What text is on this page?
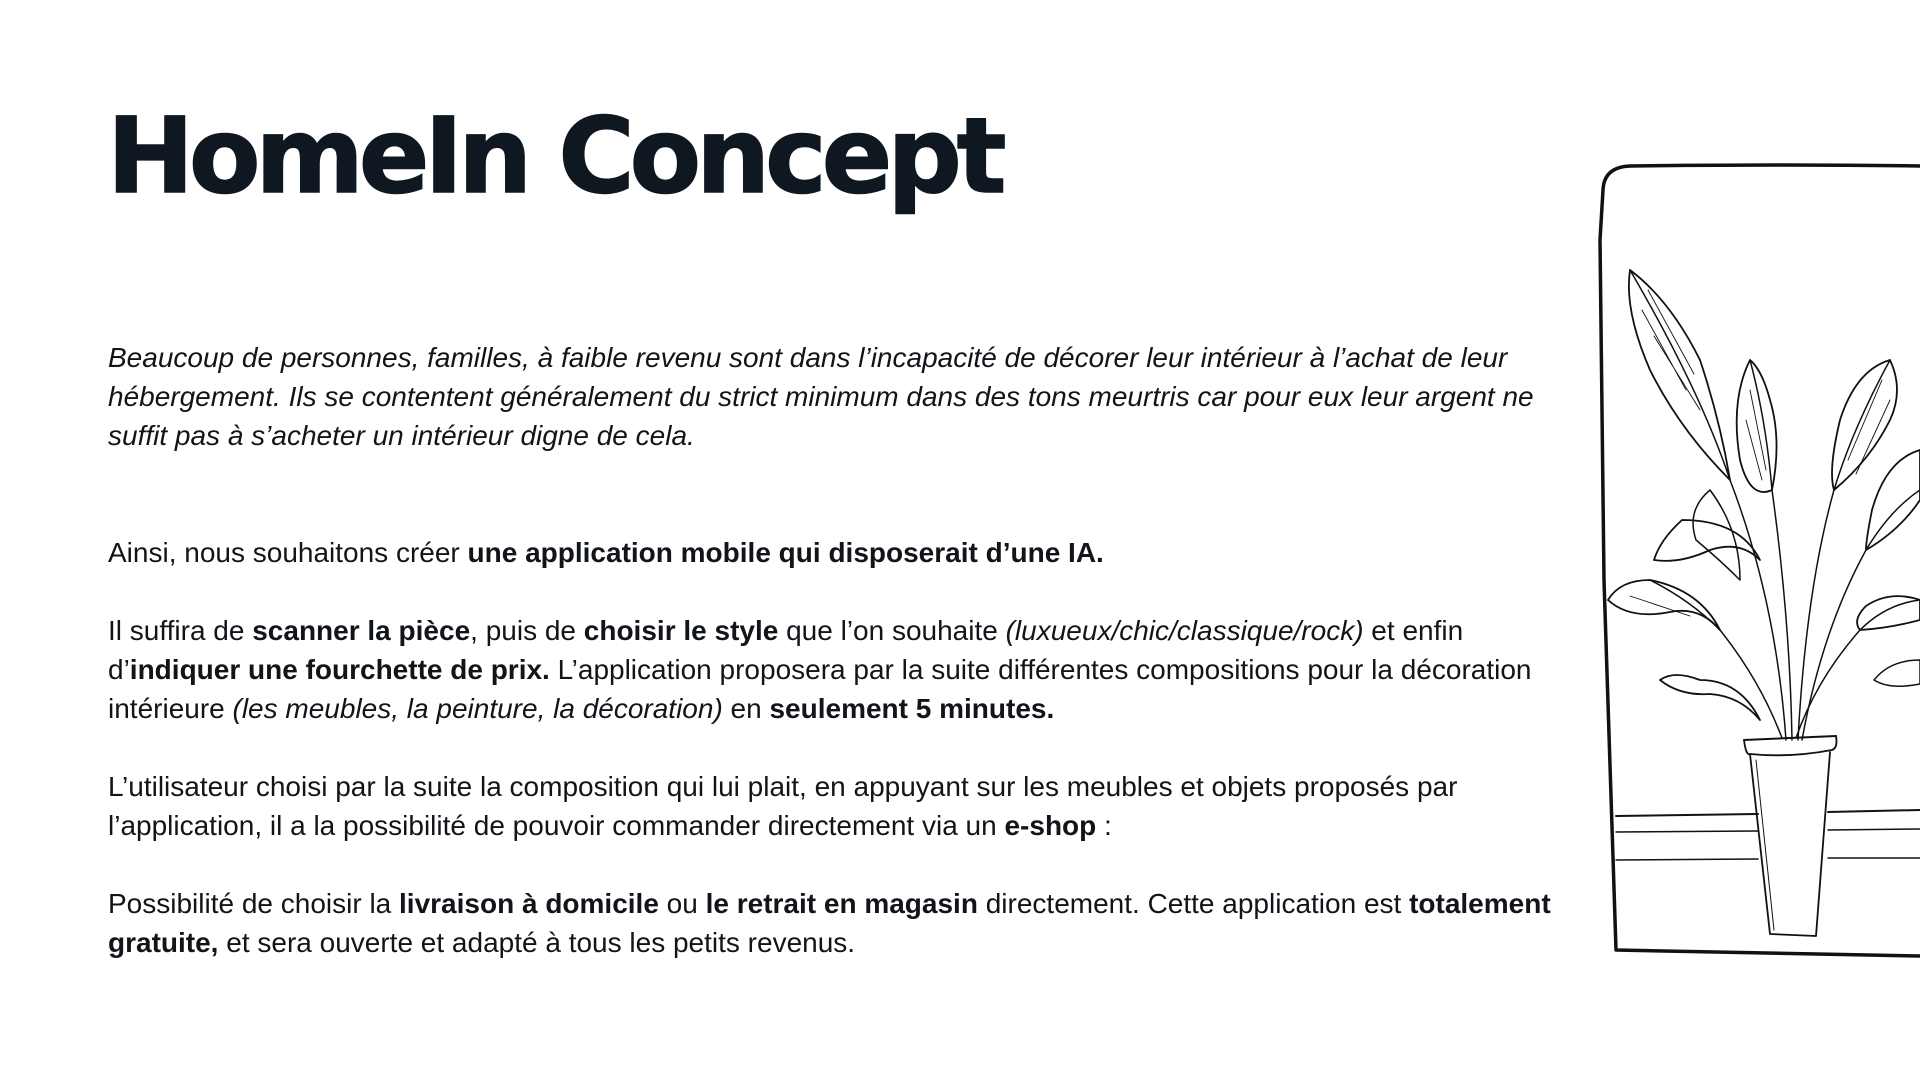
HomeIn Concept

Beaucoup de personnes, familles, à faible revenu sont dans l’incapacité de décorer leur intérieur à l’achat de leur hébergement. Ils se contentent généralement du strict minimum dans des tons meurtris car pour eux leur argent ne suffit pas à s’acheter un intérieur digne de cela.

Ainsi, nous souhaitons créer une application mobile qui disposerait d’une IA.

Il suffira de scanner la pièce, puis de choisir le style que l’on souhaite (luxueux/chic/classique/rock) et enfin d’indiquer une fourchette de prix. L’application proposera par la suite différentes compositions pour la décoration intérieure (les meubles, la peinture, la décoration) en seulement 5 minutes.

L’utilisateur choisi par la suite la composition qui lui plait, en appuyant sur les meubles et objets proposés par l’application, il a la possibilité de pouvoir commander directement via un e-shop :

Possibilité de choisir la livraison à domicile ou le retrait en magasin directement. Cette application est totalement gratuite, et sera ouverte et adapté à tous les petits revenus.
